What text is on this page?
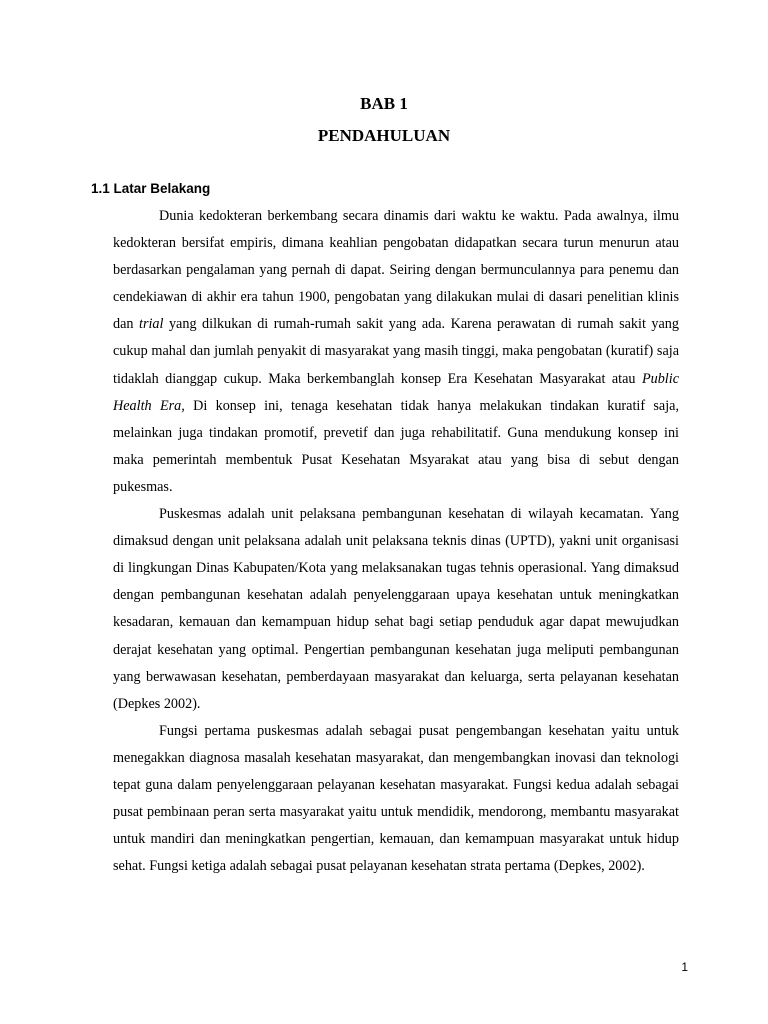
BAB 1
PENDAHULUAN
1.1 Latar Belakang

Dunia kedokteran berkembang secara dinamis dari waktu ke waktu. Pada awalnya, ilmu kedokteran bersifat empiris, dimana keahlian pengobatan didapatkan secara turun menurun atau berdasarkan pengalaman yang pernah di dapat. Seiring dengan bermunculannya para penemu dan cendekiawan di akhir era tahun 1900, pengobatan yang dilakukan mulai di dasari penelitian klinis dan trial yang dilkukan di rumah-rumah sakit yang ada. Karena perawatan di rumah sakit yang cukup mahal dan jumlah penyakit di masyarakat yang masih tinggi, maka pengobatan (kuratif) saja tidaklah dianggap cukup. Maka berkembanglah konsep Era Kesehatan Masyarakat atau Public Health Era, Di konsep ini, tenaga kesehatan tidak hanya melakukan tindakan kuratif saja, melainkan juga tindakan promotif, prevetif dan juga rehabilitatif. Guna mendukung konsep ini maka pemerintah membentuk Pusat Kesehatan Msyarakat atau yang bisa di sebut dengan pukesmas.

Puskesmas adalah unit pelaksana pembangunan kesehatan di wilayah kecamatan. Yang dimaksud dengan unit pelaksana adalah unit pelaksana teknis dinas (UPTD), yakni unit organisasi di lingkungan Dinas Kabupaten/Kota yang melaksanakan tugas tehnis operasional. Yang dimaksud dengan pembangunan kesehatan adalah penyelenggaraan upaya kesehatan untuk meningkatkan kesadaran, kemauan dan kemampuan hidup sehat bagi setiap penduduk agar dapat mewujudkan derajat kesehatan yang optimal. Pengertian pembangunan kesehatan juga meliputi pembangunan yang berwawasan kesehatan, pemberdayaan masyarakat dan keluarga, serta pelayanan kesehatan (Depkes 2002).

Fungsi pertama puskesmas adalah sebagai pusat pengembangan kesehatan yaitu untuk menegakkan diagnosa masalah kesehatan masyarakat, dan mengembangkan inovasi dan teknologi tepat guna dalam penyelenggaraan pelayanan kesehatan masyarakat. Fungsi kedua adalah sebagai pusat pembinaan peran serta masyarakat yaitu untuk mendidik, mendorong, membantu masyarakat untuk mandiri dan meningkatkan pengertian, kemauan, dan kemampuan masyarakat untuk hidup sehat. Fungsi ketiga adalah sebagai pusat pelayanan kesehatan strata pertama (Depkes, 2002).

1
